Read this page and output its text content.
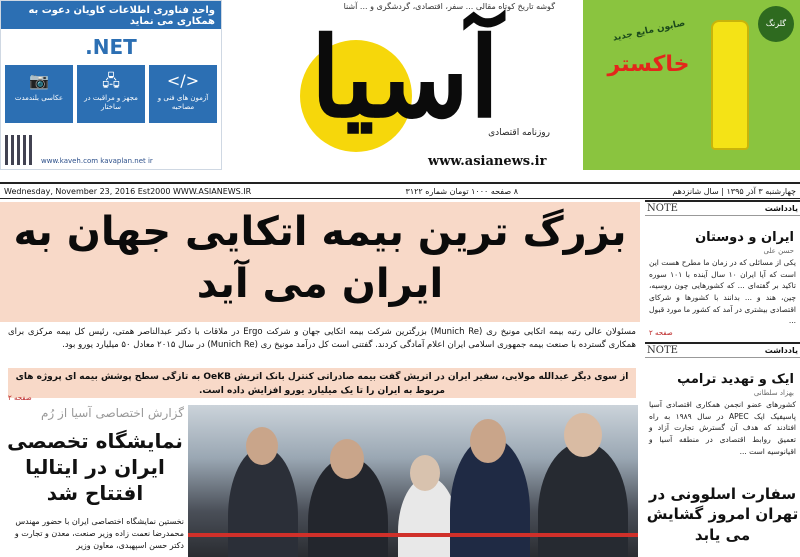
واحد فناوری اطلاعات کاویان دعوت به همکاری می نماید
.NET
</>
آزمون های فنی و مصاحبه
🖧
مجهز و مراقبت در ساختار
📷
عکاسی بلندمدت
www.kaveh.com kavaplan.net ir
گوشه تاریخ کوتاه مقالی ... سفر، اقتصادی، گردشگری و ... آشنا
آسیا
روزنامه اقتصادی
www.asianews.ir
گلرنگ
صابون مایع جدید
خاکستر
Wednesday, November 23, 2016 Est2000 WWW.ASIANEWS.IR	۸ صفحه ۱۰۰۰ تومان شماره ۳۱۲۲	چهارشنبه ۳ آذر ۱۳۹۵ | سال شانزدهم
بزرگ ترین بیمه اتکایی جهان به ایران می آید
مسئولان عالی رتبه بیمه اتکایی مونیخ ری (Munich Re) بزرگترین شرکت بیمه اتکایی جهان و شرکت Ergo در ملاقات با دکتر عبدالناصر همتی، رئیس کل بیمه مرکزی برای همکاری گسترده با صنعت بیمه جمهوری اسلامی ایران اعلام آمادگی کردند. گفتنی است کل درآمد مونیخ ری (Munich Re) در سال ۲۰۱۵ معادل ۵۰ میلیارد یورو بود.
از سوی دیگر عبدالله مولایی، سفیر ایران در اتریش گفت بیمه صادراتی کنترل بانک اتریش OeKB به تازگی سطح پوشش بیمه ای پروژه های مربوط به ایران را تا یک میلیارد یورو افزایش داده است.
صفحه ۲
گزارش اختصاصی آسیا از رُم
نمایشگاه تخصصی ایران در ایتالیا افتتاح شد
نخستین نمایشگاه اختصاصی ایران با حضور مهندس محمدرضا نعمت زاده وزیر صنعت، معدن و تجارت و دکتر حسن اسپهبدی، معاون وزیر
NOTE	یادداشت
ایران و دوستان
حسن علی
یکی از مسائلی که در زمان ما مطرح هست این است که آیا ایران ۱۰ سال آینده با ۱۰۱ سوره تاکید بر گفته‌ای ... که کشورهایی چون روسیه، چین، هند و ... بدانند با کشورها و شرکای اقتصادی بیشتری در آمد که کشور ما مورد قبول ...
صفحه ۲
NOTE	یادداشت
ایک و تهدید ترامپ
بهزاد سلطانی
کشورهای عضو انجمن همکاری اقتصادی آسیا پاسیفیک ایک APEC در سال ۱۹۸۹ به راه افتادند که هدف آن گسترش تجارت آزاد و تعمیق روابط اقتصادی در منطقه آسیا و اقیانوسیه است ...
سفارت اسلوونی در تهران امروز گشایش می یابد
